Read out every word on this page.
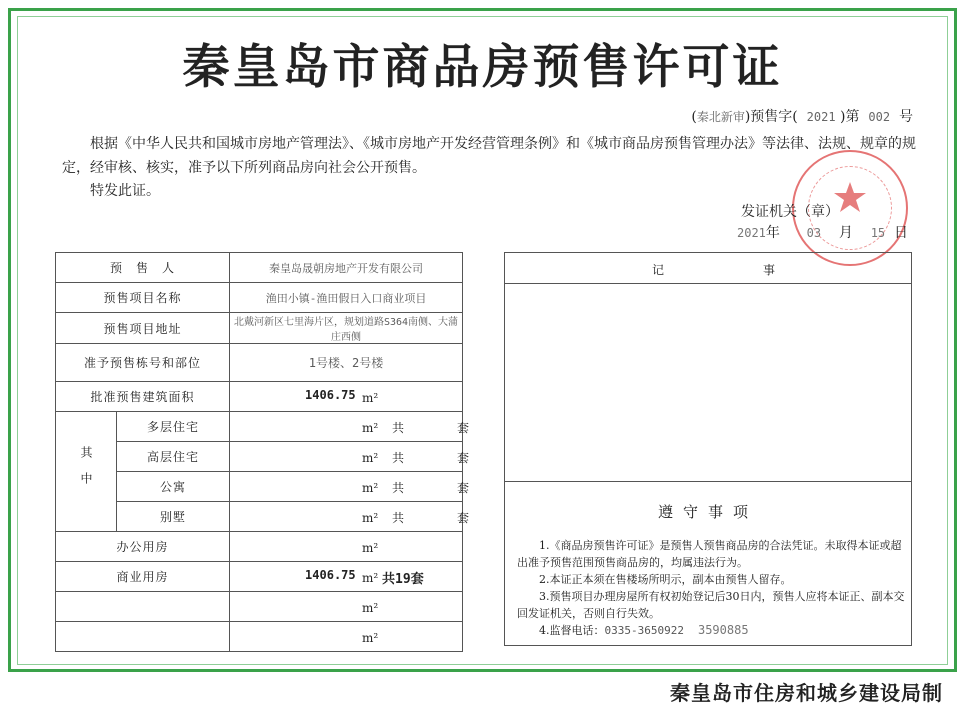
秦皇岛市商品房预售许可证
(秦北新审)预售字( 2021 )第 002 号
根据《中华人民共和国城市房地产管理法》、《城市房地产开发经营管理条例》和《城市商品房预售管理办法》等法律、法规、规章的规定，经审核、核实，准予以下所列商品房向社会公开预售。
特发此证。
发证机关（章）
2021年 03 月 15 日
预　售　人		秦皇岛晟朝房地产开发有限公司
预售项目名称		渔田小镇-渔田假日入口商业项目
预售项目地址		北戴河新区七里海片区，规划道路S364南侧、大蒲庄西侧
准予预售栋号和部位		1号楼、2号楼
批准预售建筑面积		1406.75 m²

其中	多层住宅	m² 共 套

	高层住宅	m² 共 套

	公寓	m² 共 套

	别墅	m² 共 套

办公用房		m²

商业用房		1406.75 m² 共19套

		m²

		m²
记	事
遵守事项

1.《商品房预售许可证》是预售人预售商品房的合法凭证。未取得本证或超出准予预售范围预售商品房的，均属违法行为。

2.本证正本须在售楼场所明示，副本由预售人留存。

3.预售项目办理房屋所有权初始登记后30日内，预售人应将本证正、副本交回发证机关，否则自行失效。

4.监督电话：0335-3650922 3590885

秦皇岛市住房和城乡建设局制
